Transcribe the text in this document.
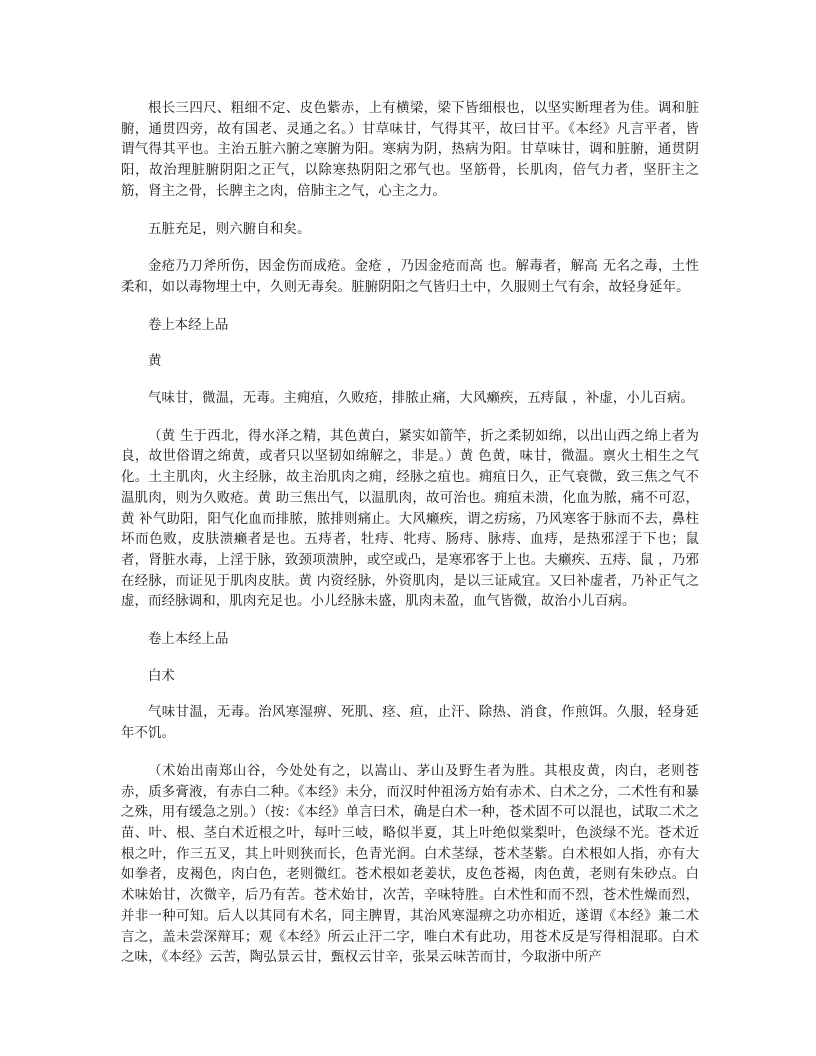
根长三四尺、粗细不定、皮色紫赤，上有横梁，梁下皆细根也，以坚实断理者为佳。调和脏腑，通贯四旁，故有国老、灵通之名。）甘草味甘，气得其平，故曰甘平。《本经》凡言平者，皆谓气得其平也。主治五脏六腑之寒腑为阳。寒病为阴，热病为阳。甘草味甘，调和脏腑，通贯阴阳，故治理脏腑阴阳之正气，以除寒热阴阳之邪气也。坚筋骨，长肌肉，倍气力者，坚肝主之筋，肾主之骨，长脾主之肉，倍肺主之气，心主之力。

五脏充足，则六腑自和矣。

金疮乃刀斧所伤，因金伤而成疮。金疮 ，乃因金疮而高 也。解毒者，解高 无名之毒，土性柔和，如以毒物埋土中，久则无毒矣。脏腑阴阳之气皆归土中，久服则土气有余，故轻身延年。

卷上本经上品

黄

气味甘，微温，无毒。主痈疽，久败疮，排脓止痛，大风癞疾，五痔鼠 ，补虚，小儿百病。

（黄 生于西北，得水泽之精，其色黄白，紧实如箭竿，折之柔韧如绵，以出山西之绵上者为良，故世俗谓之绵黄，或者只以坚韧如绵解之，非是。）黄 色黄，味甘，微温。禀火土相生之气化。土主肌肉，火主经脉，故主治肌肉之痈，经脉之疽也。痈疽日久，正气衰微，致三焦之气不温肌肉，则为久败疮。黄 助三焦出气，以温肌肉，故可治也。痈疽未溃，化血为脓，痛不可忍，黄 补气助阳，阳气化血而排脓，脓排则痛止。大风癞疾，谓之疠疡，乃风寒客于脉而不去，鼻柱坏而色败，皮肤溃癞者是也。五痔者，牡痔、牝痔、肠痔、脉痔、血痔，是热邪淫于下也；鼠 者，肾脏水毒，上淫于脉，致颈项溃肿，或空或凸，是寒邪客于上也。夫癞疾、五痔、鼠 ，乃邪在经脉，而证见于肌肉皮肤。黄 内资经脉，外资肌肉，是以三证咸宜。又曰补虚者，乃补正气之虚，而经脉调和，肌肉充足也。小儿经脉未盛，肌肉未盈，血气皆微，故治小儿百病。

卷上本经上品

白术

气味甘温，无毒。治风寒湿痹、死肌、痉、疸，止汗、除热、消食，作煎饵。久服，轻身延年不饥。

（术始出南郑山谷，今处处有之，以嵩山、茅山及野生者为胜。其根皮黄，肉白，老则苍赤，质多膏液，有赤白二种。《本经》未分，而汉时仲祖汤方始有赤术、白术之分，二术性有和暴之殊，用有缓急之别。）（按：《本经》单言曰术，确是白术一种，苍术固不可以混也，试取二术之苗、叶、根、茎白术近根之叶，每叶三岐，略似半夏，其上叶绝似棠梨叶，色淡绿不光。苍术近根之叶，作三五叉，其上叶则狭而长，色青光润。白术茎绿，苍术茎紫。白术根如人指，亦有大如拳者，皮褐色，肉白色，老则微红。苍术根如老姜状，皮色苍褐，肉色黄，老则有朱砂点。白术味始甘，次微辛，后乃有苦。苍术始甘，次苦，辛味特胜。白术性和而不烈，苍术性燥而烈，并非一种可知。后人以其同有术名，同主脾胃，其治风寒湿痹之功亦相近，遂谓《本经》兼二术言之，盖未尝深辩耳；观《本经》所云止汗二字，唯白术有此功，用苍术反是写得相混耶。白术之味，《本经》云苦，陶弘景云甘，甄权云甘辛，张杲云味苦而甘，今取浙中所产
